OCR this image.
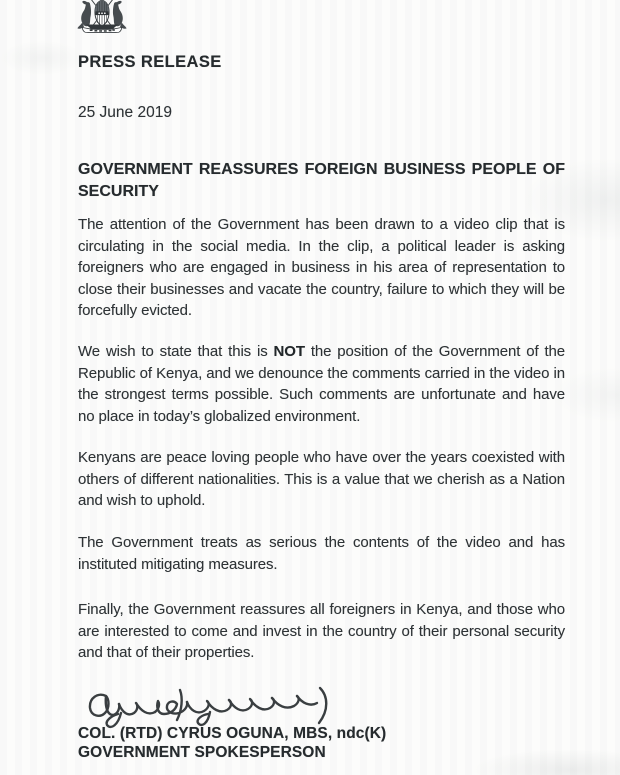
PRESS RELEASE
25 June 2019
GOVERNMENT REASSURES FOREIGN BUSINESS PEOPLE OF
SECURITY

The attention of the Government has been drawn to a video clip that is circulating in the social media. In the clip, a political leader is asking foreigners who are engaged in business in his area of representation to close their businesses and vacate the country, failure to which they will be forcefully evicted.

We wish to state that this is NOT the position of the Government of the Republic of Kenya, and we denounce the comments carried in the video in the strongest terms possible. Such comments are unfortunate and have no place in today’s globalized environment.

Kenyans are peace loving people who have over the years coexisted with others of different nationalities. This is a value that we cherish as a Nation and wish to uphold.

The Government treats as serious the contents of the video and has instituted mitigating measures.

Finally, the Government reassures all foreigners in Kenya, and those who are interested to come and invest in the country of their personal security and that of their properties.

COL. (RTD) CYRUS OGUNA, MBS, ndc(K)
GOVERNMENT SPOKESPERSON
